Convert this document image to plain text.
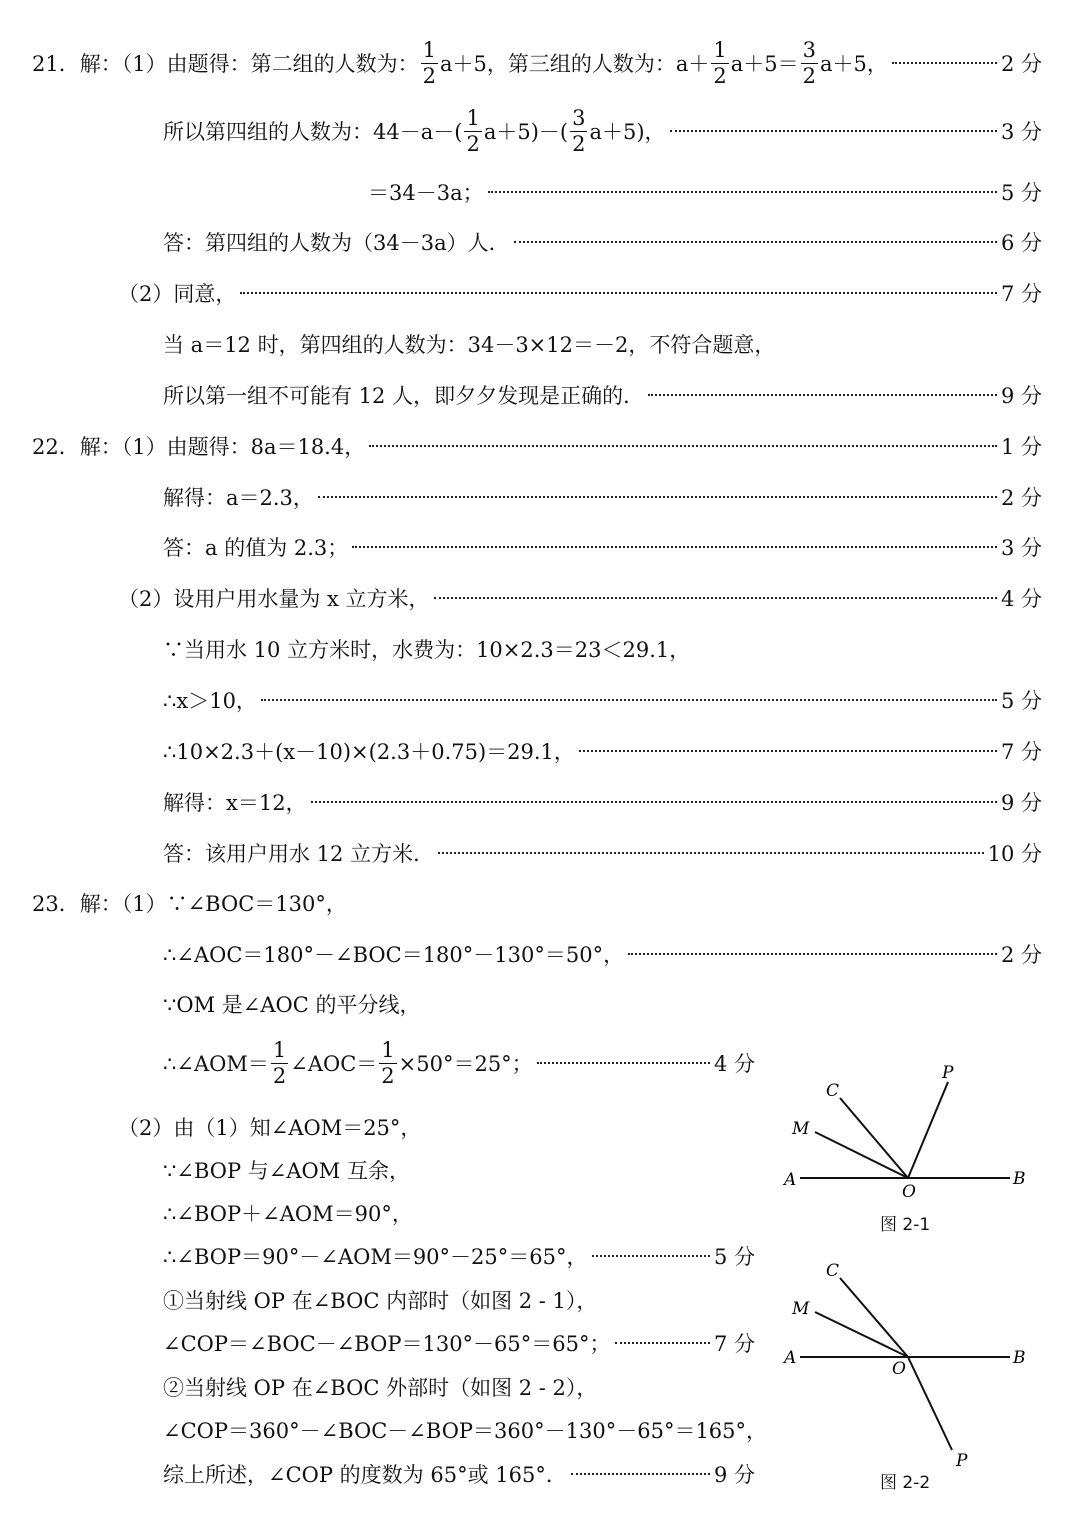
21．解：（1）由题得：第二组的人数为： $\frac{1}{2} a+5$，第三组的人数为：$a+ \frac{1}{2} a+5= \frac{3}{2} a+5$，	2 分
所以第四组的人数为：$44-a-( \frac{1}{2} a+5)-( \frac{3}{2} a+5)$，	3 分
＝34－3a；	5 分
答：第四组的人数为（34－3a）人．	6 分
（2）同意，	7 分
当 a＝12 时，第四组的人数为：34－3×12＝－2，不符合题意，
所以第一组不可能有 12 人，即夕夕发现是正确的．	9 分
22．解：（1）由题得：8a＝18.4，	1 分
解得：a＝2.3，	2 分
答：a 的值为 2.3；	3 分
（2）设用户用水量为 x 立方米，	4 分
∵当用水 10 立方米时，水费为：10×2.3＝23＜29.1，
∴x＞10，	5 分
∴10×2.3＋(x－10)×(2.3＋0.75)＝29.1，	7 分
解得：x＝12，	9 分
答：该用户用水 12 立方米．	10 分
23．解：（1）∵∠BOC＝130°，
∴∠AOC＝180°－∠BOC＝180°－130°＝50°，	2 分
∵OM 是∠AOC 的平分线，
∴∠AOM＝ $\frac{1}{2}$ ∠AOC＝ $\frac{1}{2} \times 50^\circ=25^\circ$；	4 分
（2）由（1）知∠AOM＝25°，
∵∠BOP 与∠AOM 互余，
∴∠BOP＋∠AOM＝90°，
∴∠BOP＝90°－∠AOM＝90°－25°＝65°，	5 分
①当射线 OP 在∠BOC 内部时（如图 2 - 1），
∠COP＝∠BOC－∠BOP＝130°－65°＝65°；	7 分
②当射线 OP 在∠BOC 外部时（如图 2 - 2），
∠COP＝360°－∠BOC－∠BOP＝360°－130°－65°＝165°，
综上所述，∠COP 的度数为 65°或 165°．	9 分
A	B
O
C
M
P
图 2-1
A	B
O
C
M
P
图 2-2
